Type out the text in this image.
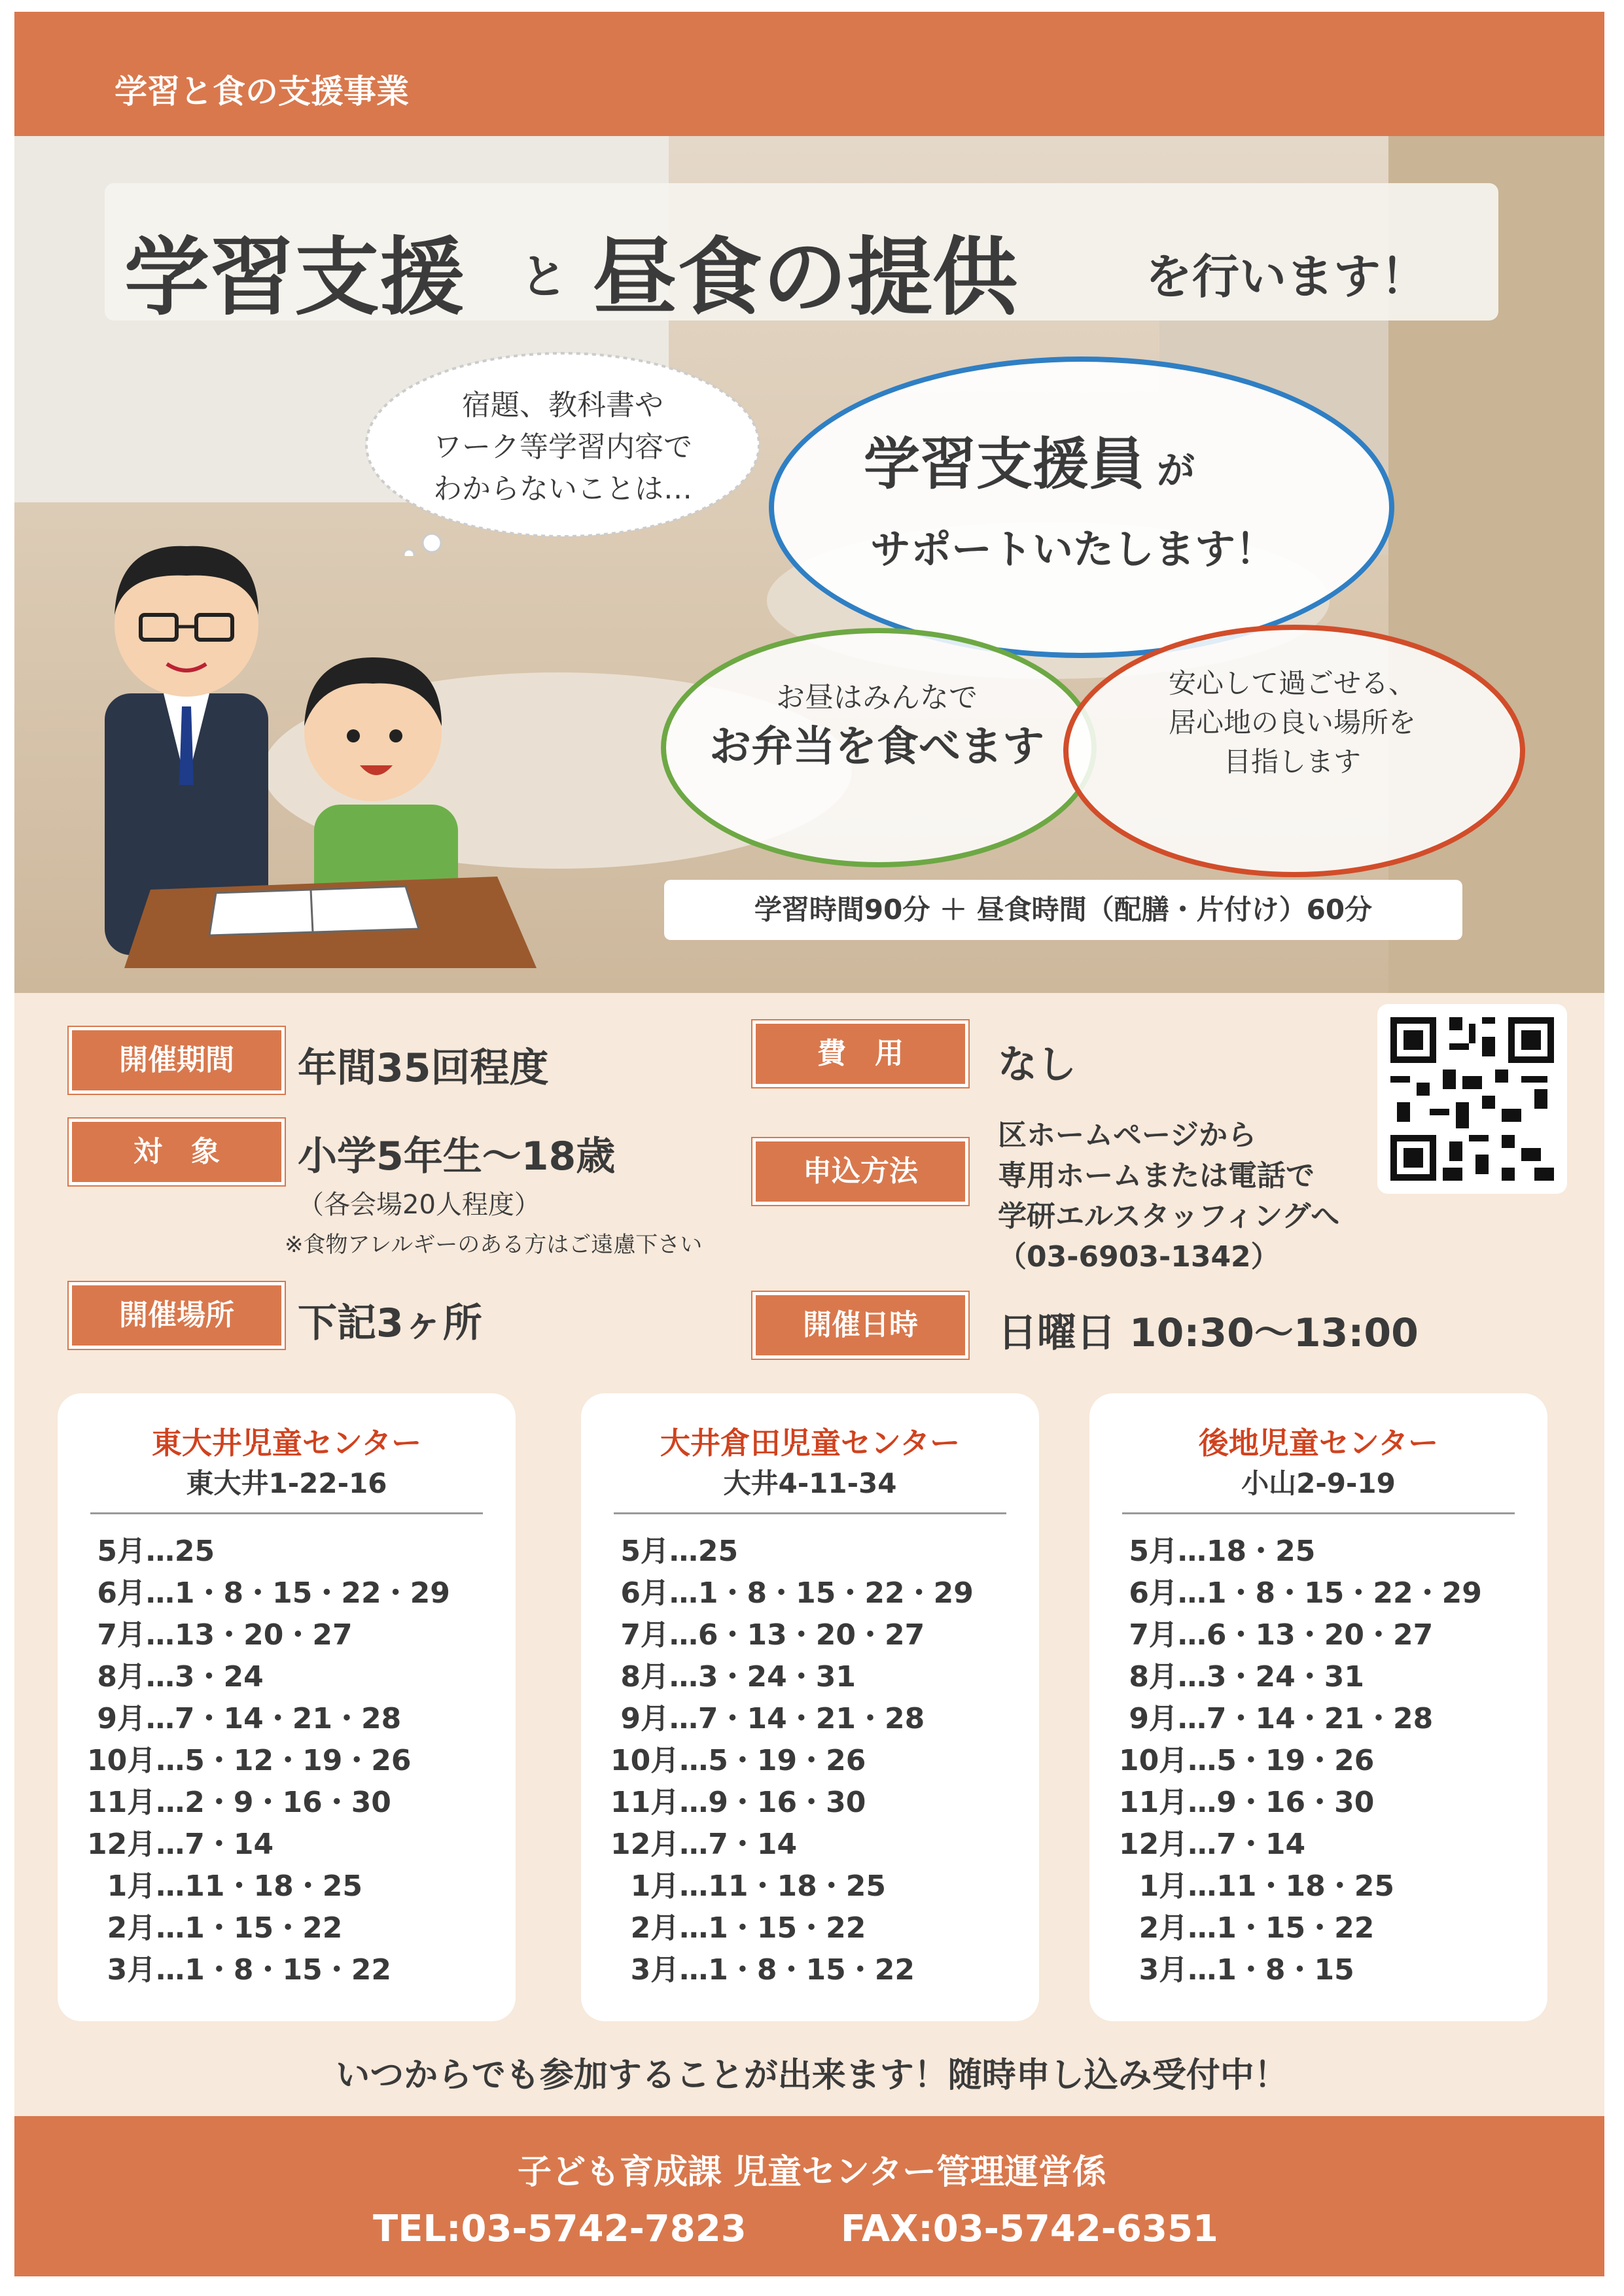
学習と食の支援事業
学習支援 と 昼食の提供	を行います！
宿題、教科書や
ワーク等学習内容で
わからないことは…	学習支援員 が
サポートいたします！
お昼はみんなで
お弁当を食べます
安心して過ごせる、
居心地の良い場所を
目指します
学習時間90分 ＋ 昼食時間（配膳・片付け）60分
開催期間	年間35回程度
対　象	小学5年生～18歳
（各会場20人程度）
※食物アレルギーのある方はご遠慮下さい
開催場所	下記3ヶ所
費　用	なし
申込方法
区ホームページから
専用ホームまたは電話で
学研エルスタッフィングへ
（03-6903-1342）
開催日時	日曜日 10:30～13:00
東大井児童センター
東大井1-22-16
5月…25
6月…1・8・15・22・29
7月…13・20・27
8月…3・24
9月…7・14・21・28
10月…5・12・19・26
11月…2・9・16・30
12月…7・14
1月…11・18・25
2月…1・15・22
3月…1・8・15・22
大井倉田児童センター
大井4-11-34
5月…25
6月…1・8・15・22・29
7月…6・13・20・27
8月…3・24・31
9月…7・14・21・28
10月…5・19・26
11月…9・16・30
12月…7・14
1月…11・18・25
2月…1・15・22
3月…1・8・15・22
後地児童センター
小山2-9-19
5月…18・25
6月…1・8・15・22・29
7月…6・13・20・27
8月…3・24・31
9月…7・14・21・28
10月…5・19・26
11月…9・16・30
12月…7・14
1月…11・18・25
2月…1・15・22
3月…1・8・15
いつからでも参加することが出来ます！随時申し込み受付中！
子ども育成課 児童センター管理運営係
TEL:03-5742-7823	FAX:03-5742-6351
